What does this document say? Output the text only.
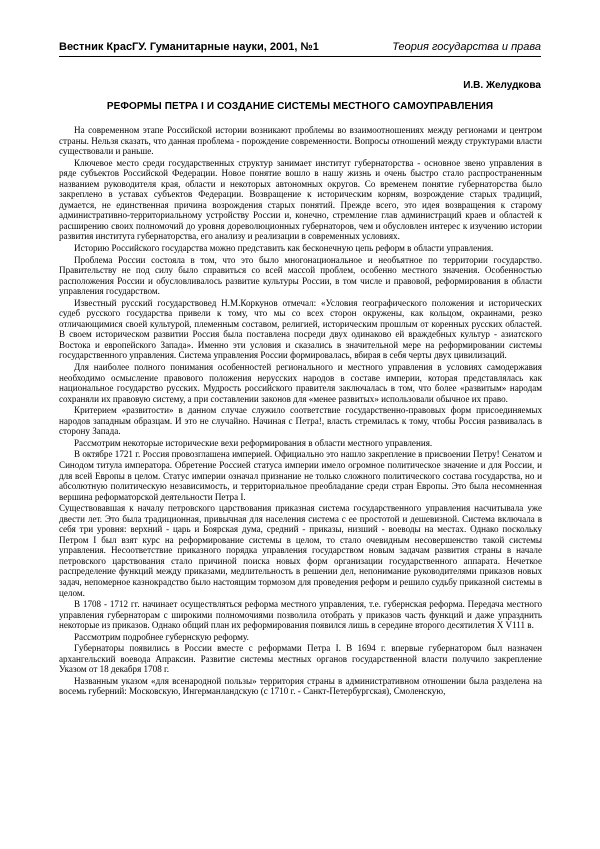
Вестник КрасГУ. Гуманитарные науки, 2001, №1	Теория государства и права
И.В. Желудкова
РЕФОРМЫ ПЕТРА I И СОЗДАНИЕ СИСТЕМЫ МЕСТНОГО САМОУПРАВЛЕНИЯ

На современном этапе Российской истории возникают проблемы во взаимоотношениях между регионами и центром страны. Нельзя сказать, что данная проблема - порождение современности. Вопросы отношений между структурами власти существовали и раньше.

Ключевое место среди государственных структур занимает институт губернаторства - основное звено управления в ряде субъектов Российской Федерации. Новое понятие вошло в нашу жизнь и очень быстро стало распространенным названием руководителя края, области и некоторых автономных округов. Со временем понятие губернаторства было закреплено в уставах субъектов Федерации. Возвращение к историческим корням, возрождение старых традиций, думается, не единственная причина возрождения старых понятий. Прежде всего, это идея возвращения к старому административно-территориальному устройству России и, конечно, стремление глав администраций краев и областей к расширению своих полномочий до уровня дореволюционных губернаторов, чем и обусловлен интерес к изучению истории развития института губернаторства, его анализу и реализации в современных условиях.

Историю Российского государства можно представить как бесконечную цепь реформ в области управления.

Проблема России состояла в том, что это было многонациональное и необъятное по территории государство. Правительству не под силу было справиться со всей массой проблем, особенно местного значения. Особенностью расположения России и обусловливалось развитие культуры России, в том числе и правовой, реформирования в области управления государством.

Известный русский государствовед Н.М.Коркунов отмечал: «Условия географического положения и исторических судеб русского государства привели к тому, что мы со всех сторон окружены, как кольцом, окраинами, резко отличающимися своей культурой, племенным составом, религией, историческим прошлым от коренных русских областей. В своем историческом развитии Россия была поставлена посреди двух одинаково ей враждебных культур - азиатского Востока и европейского Запада». Именно эти условия и сказались в значительной мере на реформировании системы государственного управления. Система управления России формировалась, вбирая в себя черты двух цивилизаций.

Для наиболее полного понимания особенностей регионального и местного управления в условиях самодержавия необходимо осмысление правового положения нерусских народов в составе империи, которая представлялась как национальное государство русских. Мудрость российского правителя заключалась в том, что более «развитым» народам сохраняли их правовую систему, а при составлении законов для «менее развитых» использовали обычное их право.

Критерием «развитости» в данном случае служило соответствие государственно-правовых форм присоединяемых народов западным образцам. И это не случайно. Начиная с Петра!, власть стремилась к тому, чтобы Россия развивалась в сторону Запада.

Рассмотрим некоторые исторические вехи реформирования в области местного управления.

В октябре 1721 г. Россия провозглашена империей. Официально это нашло закрепление в присвоении Петру! Сенатом и Синодом титула императора. Обретение Россией статуса империи имело огромное политическое значение и для России, и для всей Европы в целом. Статус империи означал признание не только сложного политического состава государства, но и абсолютную политическую независимость, и территориальное преобладание среди стран Европы. Это была несомненная вершина реформаторской деятельности Петра I.

Существовавшая к началу петровского царствования приказная система государственного управления насчитывала уже двести лет. Это была традиционная, привычная для населения система с ее простотой и дешевизной. Система включала в себя три уровня: верхний - царь и Боярская дума, средний - приказы, низший - воеводы на местах. Однако поскольку Петром I был взят курс на реформирование системы в целом, то стало очевидным несовершенство такой системы управления. Несоответствие приказного порядка управления государством новым задачам развития страны в начале петровского царствования стало причиной поиска новых форм организации государственного аппарата. Нечеткое распределение функций между приказами, медлительность в решении дел, непонимание руководителями приказов новых задач, непомерное казнокрадство было настоящим тормозом для проведения реформ и решило судьбу приказной системы в целом.

В 1708 - 1712 гг. начинает осуществляться реформа местного управления, т.е. губернская реформа. Передача местного управления губернаторам с широкими полномочиями позволила отобрать у приказов часть функций и даже упразднить некоторые из приказов. Однако общий план их реформирования появился лишь в середине второго десятилетия X V111 в.

Рассмотрим подробнее губернскую реформу.

Губернаторы появились в России вместе с реформами Петра I. В 1694 г. впервые губернатором был назначен архангельский воевода Апраксин. Развитие системы местных органов государственной власти получило закрепление Указом от 18 декабря 1708 г.

Названным указом «для всенародной пользы» территория страны в административном отношении была разделена на восемь губерний: Московскую, Ингерманландскую (с 1710 г. - Санкт-Петербургская), Смоленскую,
